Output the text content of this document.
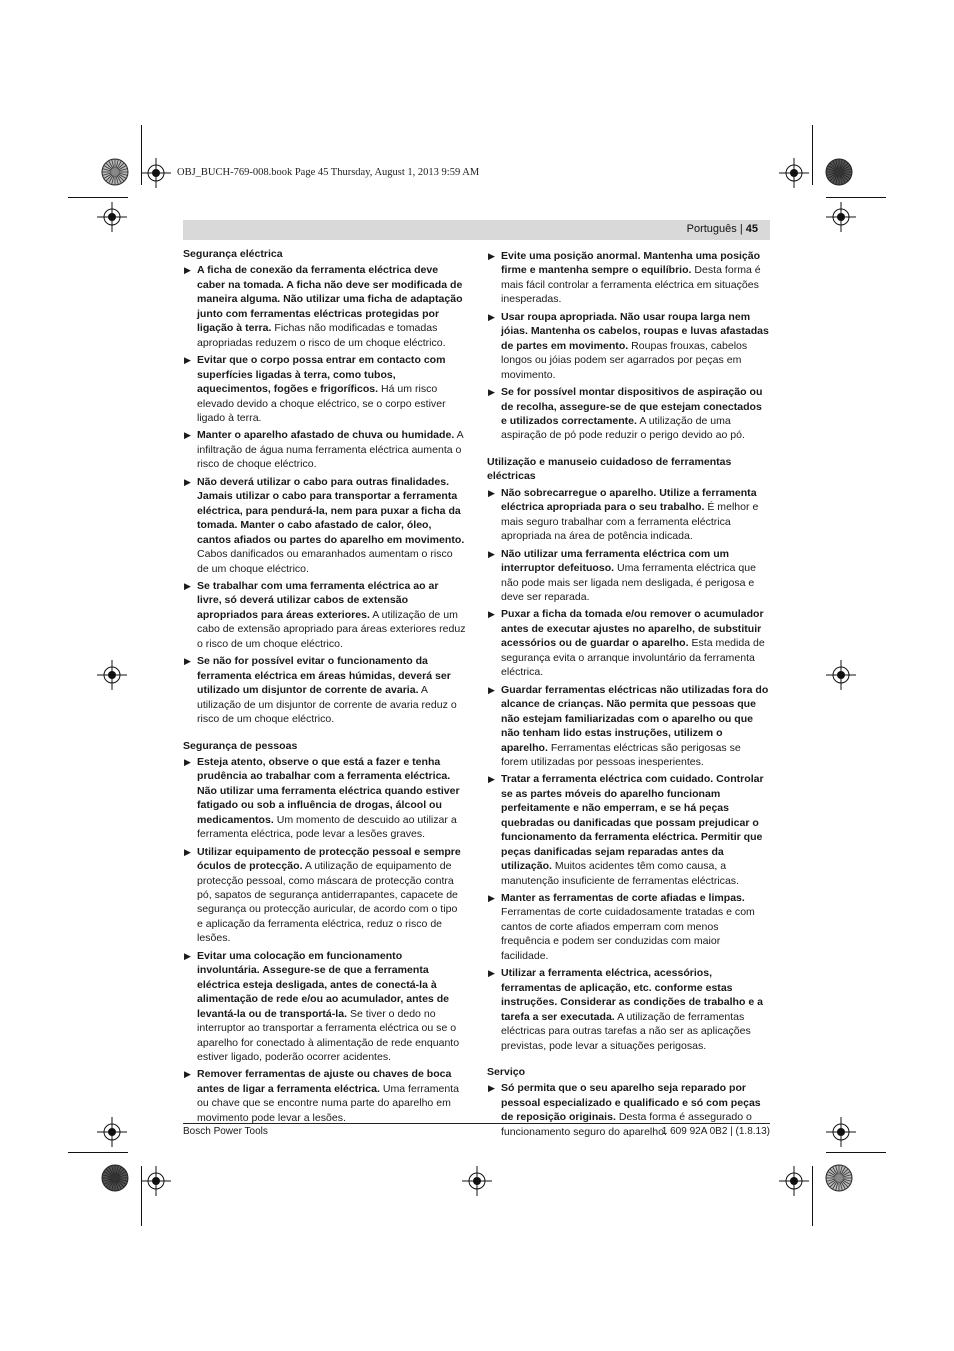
OBJ_BUCH-769-008.book Page 45 Thursday, August 1, 2013 9:59 AM
Português | 45

Segurança eléctrica

▶ A ficha de conexão da ferramenta eléctrica deve caber na tomada. A ficha não deve ser modificada de maneira alguma. Não utilizar uma ficha de adaptação junto com ferramentas eléctricas protegidas por ligação à terra. Fichas não modificadas e tomadas apropriadas reduzem o risco de um choque eléctrico.
▶ Evitar que o corpo possa entrar em contacto com superfícies ligadas à terra, como tubos, aquecimentos, fogões e frigoríficos. Há um risco elevado devido a choque eléctrico, se o corpo estiver ligado à terra.
▶ Manter o aparelho afastado de chuva ou humidade. A infiltração de água numa ferramenta eléctrica aumenta o risco de choque eléctrico.
▶ Não deverá utilizar o cabo para outras finalidades. Jamais utilizar o cabo para transportar a ferramenta eléctrica, para pendurá-la, nem para puxar a ficha da tomada. Manter o cabo afastado de calor, óleo, cantos afiados ou partes do aparelho em movimento. Cabos danificados ou emaranhados aumentam o risco de um choque eléctrico.
▶ Se trabalhar com uma ferramenta eléctrica ao ar livre, só deverá utilizar cabos de extensão apropriados para áreas exteriores. A utilização de um cabo de extensão apropriado para áreas exteriores reduz o risco de um choque eléctrico.
▶ Se não for possível evitar o funcionamento da ferramenta eléctrica em áreas húmidas, deverá ser utilizado um disjuntor de corrente de avaria. A utilização de um disjuntor de corrente de avaria reduz o risco de um choque eléctrico.

Segurança de pessoas

▶ Esteja atento, observe o que está a fazer e tenha prudência ao trabalhar com a ferramenta eléctrica. Não utilizar uma ferramenta eléctrica quando estiver fatigado ou sob a influência de drogas, álcool ou medicamentos. Um momento de descuido ao utilizar a ferramenta eléctrica, pode levar a lesões graves.
▶ Utilizar equipamento de protecção pessoal e sempre óculos de protecção. A utilização de equipamento de protecção pessoal, como máscara de protecção contra pó, sapatos de segurança antiderrapantes, capacete de segurança ou protecção auricular, de acordo com o tipo e aplicação da ferramenta eléctrica, reduz o risco de lesões.
▶ Evitar uma colocação em funcionamento involuntária. Assegure-se de que a ferramenta eléctrica esteja desligada, antes de conectá-la à alimentação de rede e/ou ao acumulador, antes de levantá-la ou de transportá-la. Se tiver o dedo no interruptor ao transportar a ferramenta eléctrica ou se o aparelho for conectado à alimentação de rede enquanto estiver ligado, poderão ocorrer acidentes.
▶ Remover ferramentas de ajuste ou chaves de boca antes de ligar a ferramenta eléctrica. Uma ferramenta ou chave que se encontre numa parte do aparelho em movimento pode levar a lesões.
▶ Evite uma posição anormal. Mantenha uma posição firme e mantenha sempre o equilíbrio. Desta forma é mais fácil controlar a ferramenta eléctrica em situações inesperadas.
▶ Usar roupa apropriada. Não usar roupa larga nem jóias. Mantenha os cabelos, roupas e luvas afastadas de partes em movimento. Roupas frouxas, cabelos longos ou jóias podem ser agarrados por peças em movimento.
▶ Se for possível montar dispositivos de aspiração ou de recolha, assegure-se de que estejam conectados e utilizados correctamente. A utilização de uma aspiração de pó pode reduzir o perigo devido ao pó.

Utilização e manuseio cuidadoso de ferramentas eléctricas

▶ Não sobrecarregue o aparelho. Utilize a ferramenta eléctrica apropriada para o seu trabalho. É melhor e mais seguro trabalhar com a ferramenta eléctrica apropriada na área de potência indicada.
▶ Não utilizar uma ferramenta eléctrica com um interruptor defeituoso. Uma ferramenta eléctrica que não pode mais ser ligada nem desligada, é perigosa e deve ser reparada.
▶ Puxar a ficha da tomada e/ou remover o acumulador antes de executar ajustes no aparelho, de substituir acessórios ou de guardar o aparelho. Esta medida de segurança evita o arranque involuntário da ferramenta eléctrica.
▶ Guardar ferramentas eléctricas não utilizadas fora do alcance de crianças. Não permita que pessoas que não estejam familiarizadas com o aparelho ou que não tenham lido estas instruções, utilizem o aparelho. Ferramentas eléctricas são perigosas se forem utilizadas por pessoas inesperientes.
▶ Tratar a ferramenta eléctrica com cuidado. Controlar se as partes móveis do aparelho funcionam perfeitamente e não emperram, e se há peças quebradas ou danificadas que possam prejudicar o funcionamento da ferramenta eléctrica. Permitir que peças danificadas sejam reparadas antes da utilização. Muitos acidentes têm como causa, a manutenção insuficiente de ferramentas eléctricas.
▶ Manter as ferramentas de corte afiadas e limpas. Ferramentas de corte cuidadosamente tratadas e com cantos de corte afiados emperram com menos frequência e podem ser conduzidas com maior facilidade.
▶ Utilizar a ferramenta eléctrica, acessórios, ferramentas de aplicação, etc. conforme estas instruções. Considerar as condições de trabalho e a tarefa a ser executada. A utilização de ferramentas eléctricas para outras tarefas a não ser as aplicações previstas, pode levar a situações perigosas.

Serviço

▶ Só permita que o seu aparelho seja reparado por pessoal especializado e qualificado e só com peças de reposição originais. Desta forma é assegurado o funcionamento seguro do aparelho.
Bosch Power Tools	1 609 92A 0B2 | (1.8.13)
